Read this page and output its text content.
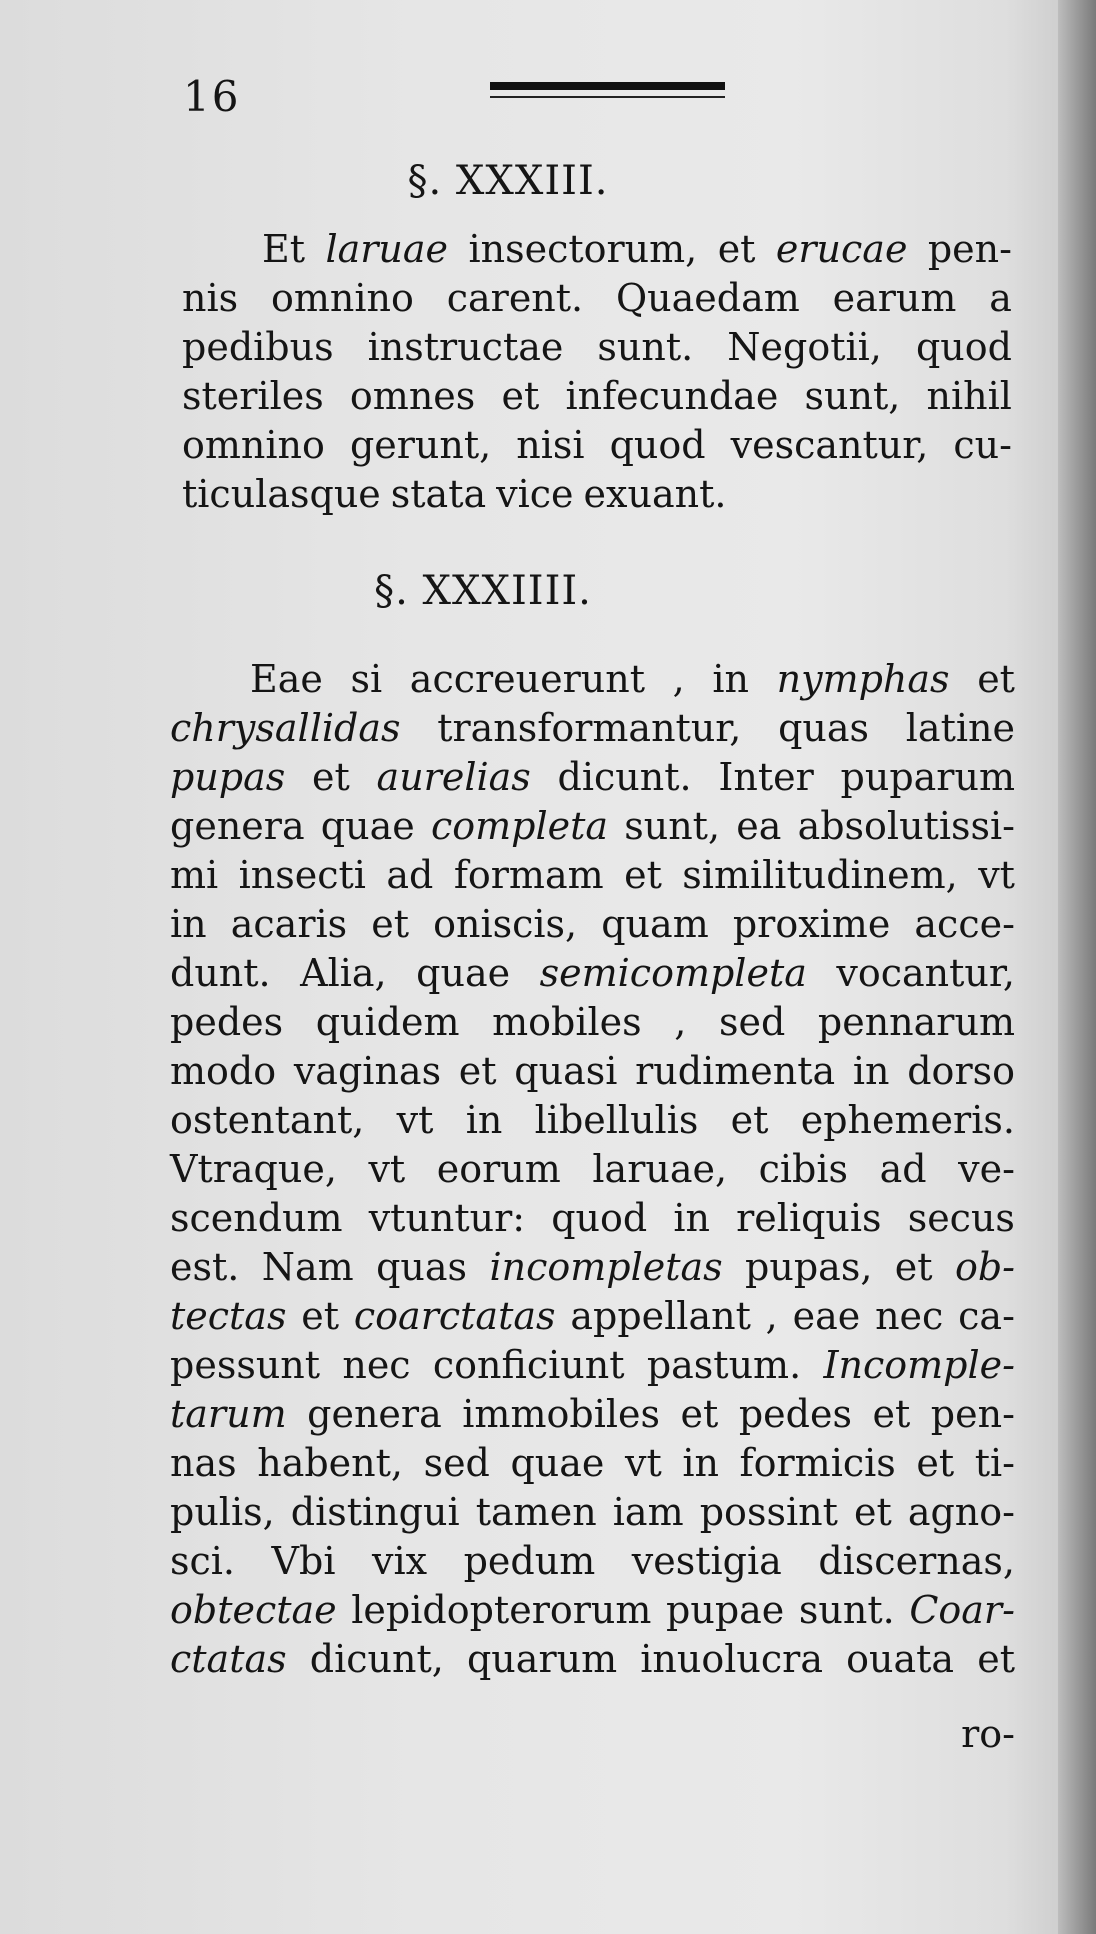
16
§. XXXIII.
Et laruae insectorum, et erucae pen-
nis omnino carent. Quaedam earum a
pedibus instructae sunt. Negotii, quod
steriles omnes et infecundae sunt, nihil
omnino gerunt, nisi quod vescantur, cu-
ticulasque stata vice exuant.
§. XXXIIII.
Eae si accreuerunt , in nymphas et
chrysallidas transformantur, quas latine
pupas et aurelias dicunt. Inter puparum
genera quae completa sunt, ea absolutissi-
mi insecti ad formam et similitudinem, vt
in acaris et oniscis, quam proxime acce-
dunt. Alia, quae semicompleta vocantur,
pedes quidem mobiles , sed pennarum
modo vaginas et quasi rudimenta in dorso
ostentant, vt in libellulis et ephemeris.
Vtraque, vt eorum laruae, cibis ad ve-
scendum vtuntur: quod in reliquis secus
est. Nam quas incompletas pupas, et ob-
tectas et coarctatas appellant , eae nec ca-
pessunt nec conficiunt pastum. Incomple-
tarum genera immobiles et pedes et pen-
nas habent, sed quae vt in formicis et ti-
pulis, distingui tamen iam possint et agno-
sci. Vbi vix pedum vestigia discernas,
obtectae lepidopterorum pupae sunt. Coar-
ctatas dicunt, quarum inuolucra ouata et
ro-
